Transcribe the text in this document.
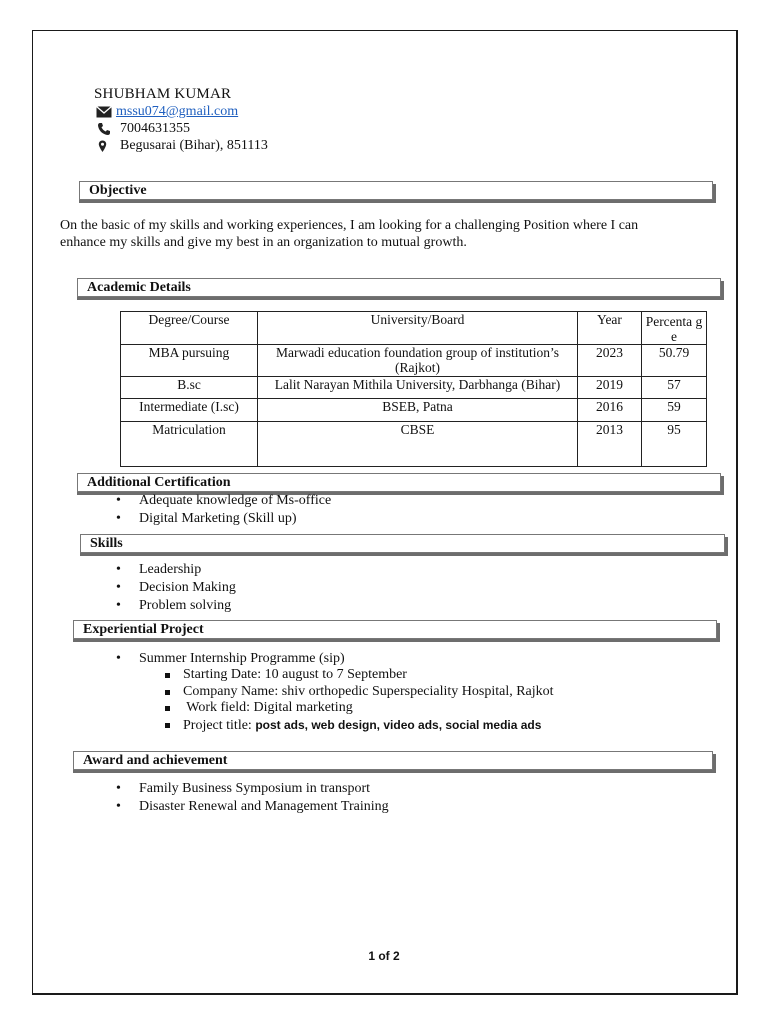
SHUBHAM KUMAR
mssu074@gmail.com
7004631355
Begusarai (Bihar), 851113
Objective
On the basic of my skills and working experiences, I am looking for a challenging Position where I can
enhance my skills and give my best in an organization to mutual growth.
Academic Details
Degree/Course	University/Board	Year	Percenta ge
MBA pursuing	Marwadi education foundation group of institution’s (Rajkot)	2023	50.79
B.sc	Lalit Narayan Mithila University, Darbhanga (Bihar)	2019	57
Intermediate (I.sc)	BSEB, Patna	2016	59
Matriculation	CBSE	2013	95
Additional Certification
• Adequate knowledge of Ms-office
• Digital Marketing (Skill up)
Skills
• Leadership
• Decision Making
• Problem solving
Experiential Project
• Summer Internship Programme (sip)
Starting Date: 10 august to 7 September
Company Name: shiv orthopedic Superspeciality Hospital, Rajkot
Work field: Digital marketing
Project title: post ads, web design, video ads, social media ads
Award and achievement
• Family Business Symposium in transport
• Disaster Renewal and Management Training
1 of 2
